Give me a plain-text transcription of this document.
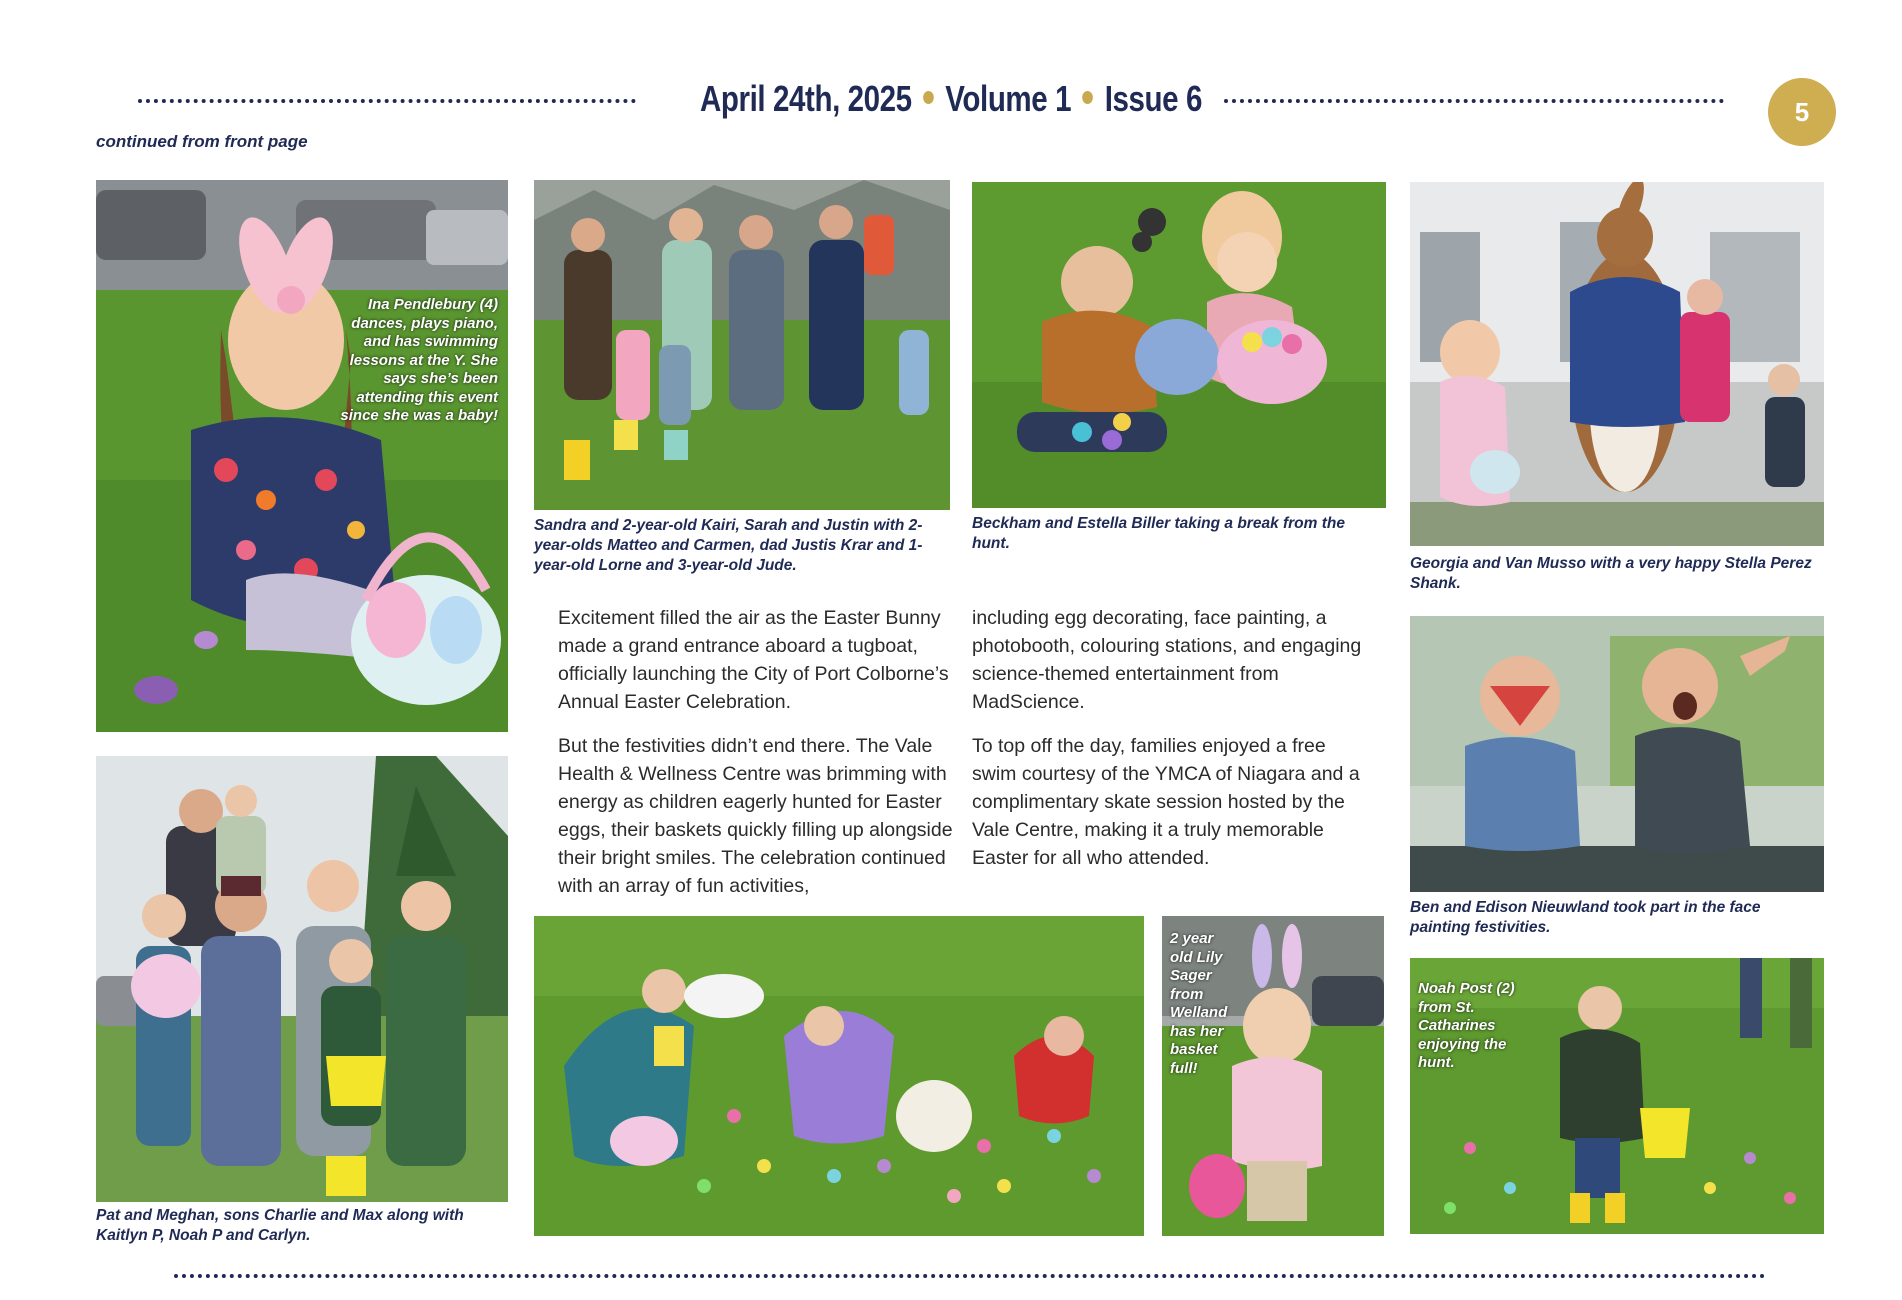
April 24th, 2025 Volume 1 Issue 6	5
continued from front page
Ina Pendlebury (4) dances, plays piano, and has swimming lessons at the Y. She says she’s been attending this event since she was a baby!
Sandra and 2-year-old Kairi, Sarah and Justin with 2-year-olds Matteo and Carmen, dad Justis Krar and 1-year-old Lorne and 3-year-old Jude.
Beckham and Estella Biller taking a break from the hunt.
Georgia and Van Musso with a very happy Stella Perez Shank.

Excitement filled the air as the Easter Bunny made a grand entrance aboard a tugboat, officially launching the City of Port Colborne’s Annual Easter Celebration.

But the festivities didn’t end there. The Vale Health & Wellness Centre was brimming with energy as children eagerly hunted for Easter eggs, their baskets quickly filling up alongside their bright smiles. The celebration continued with an array of fun activities,

including egg decorating, face painting, a photobooth, colouring stations, and engaging science-themed entertainment from MadScience.

To top off the day, families enjoyed a free swim courtesy of the YMCA of Niagara and a complimentary skate session hosted by the Vale Centre, making it a truly memorable Easter for all who attended.

Ben and Edison Nieuwland took part in the face painting festivities.
Pat and Meghan, sons Charlie and Max along with Kaitlyn P, Noah P and Carlyn.
2 year old Lily Sager from Welland has her basket full!
Noah Post (2) from St. Catharines enjoying the hunt.
